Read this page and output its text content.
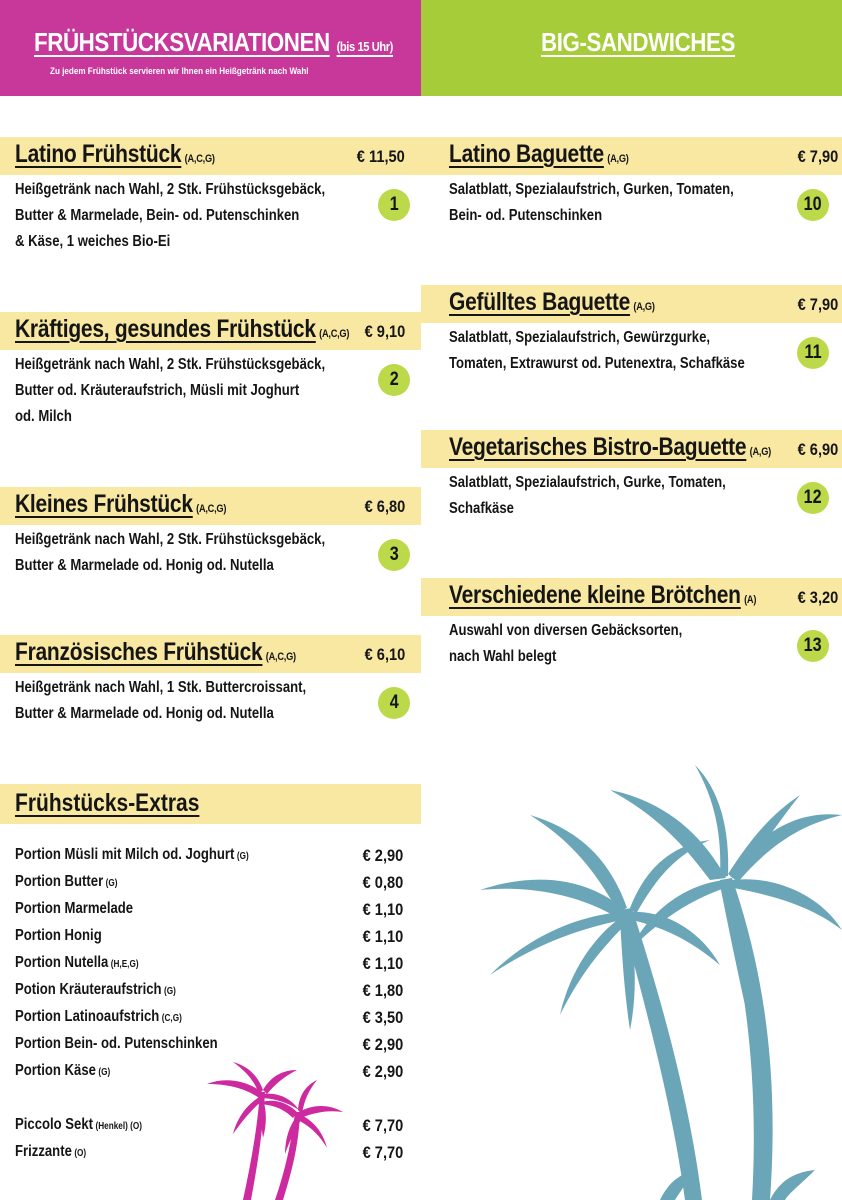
FRÜHSTÜCKSVARIATIONEN (bis 15 Uhr)
Zu jedem Frühstück servieren wir Ihnen ein Heißgetränk nach Wahl
BIG-SANDWICHES
Latino Frühstück (A,C,G)	€ 11,50
Heißgetränk nach Wahl, 2 Stk. Frühstücksgebäck,
Butter & Marmelade, Bein- od. Putenschinken
& Käse, 1 weiches Bio-Ei
1
Kräftiges, gesundes Frühstück (A,C,G) € 9,10
Heißgetränk nach Wahl, 2 Stk. Frühstücksgebäck,
Butter od. Kräuteraufstrich, Müsli mit Joghurt
od. Milch
2
Kleines Frühstück (A,C,G)	€ 6,80
Heißgetränk nach Wahl, 2 Stk. Frühstücksgebäck,
Butter & Marmelade od. Honig od. Nutella
3
Französisches Frühstück (A,C,G)	€ 6,10
Heißgetränk nach Wahl, 1 Stk. Buttercroissant,
Butter & Marmelade od. Honig od. Nutella
4
Latino Baguette (A,G)	€ 7,90
Salatblatt, Spezialaufstrich, Gurken, Tomaten,
Bein- od. Putenschinken
10
Gefülltes Baguette (A,G)	€ 7,90
Salatblatt, Spezialaufstrich, Gewürzgurke,
Tomaten, Extrawurst od. Putenextra, Schafkäse
11
Vegetarisches Bistro-Baguette (A,G) € 6,90
Salatblatt, Spezialaufstrich, Gurke, Tomaten,
Schafkäse
12
Verschiedene kleine Brötchen (A) € 3,20
Auswahl von diversen Gebäcksorten,
nach Wahl belegt
13
Frühstücks-Extras
Portion Müsli mit Milch od. Joghurt (G)	€ 2,90
Portion Butter (G)	€ 0,80
Portion Marmelade	€ 1,10
Portion Honig	€ 1,10
Portion Nutella (H,E,G)	€ 1,10
Potion Kräuteraufstrich (G)	€ 1,80
Portion Latinoaufstrich (C,G)	€ 3,50
Portion Bein- od. Putenschinken	€ 2,90
Portion Käse (G)	€ 2,90
Piccolo Sekt (Henkel) (O)	€ 7,70
Frizzante (O)	€ 7,70
